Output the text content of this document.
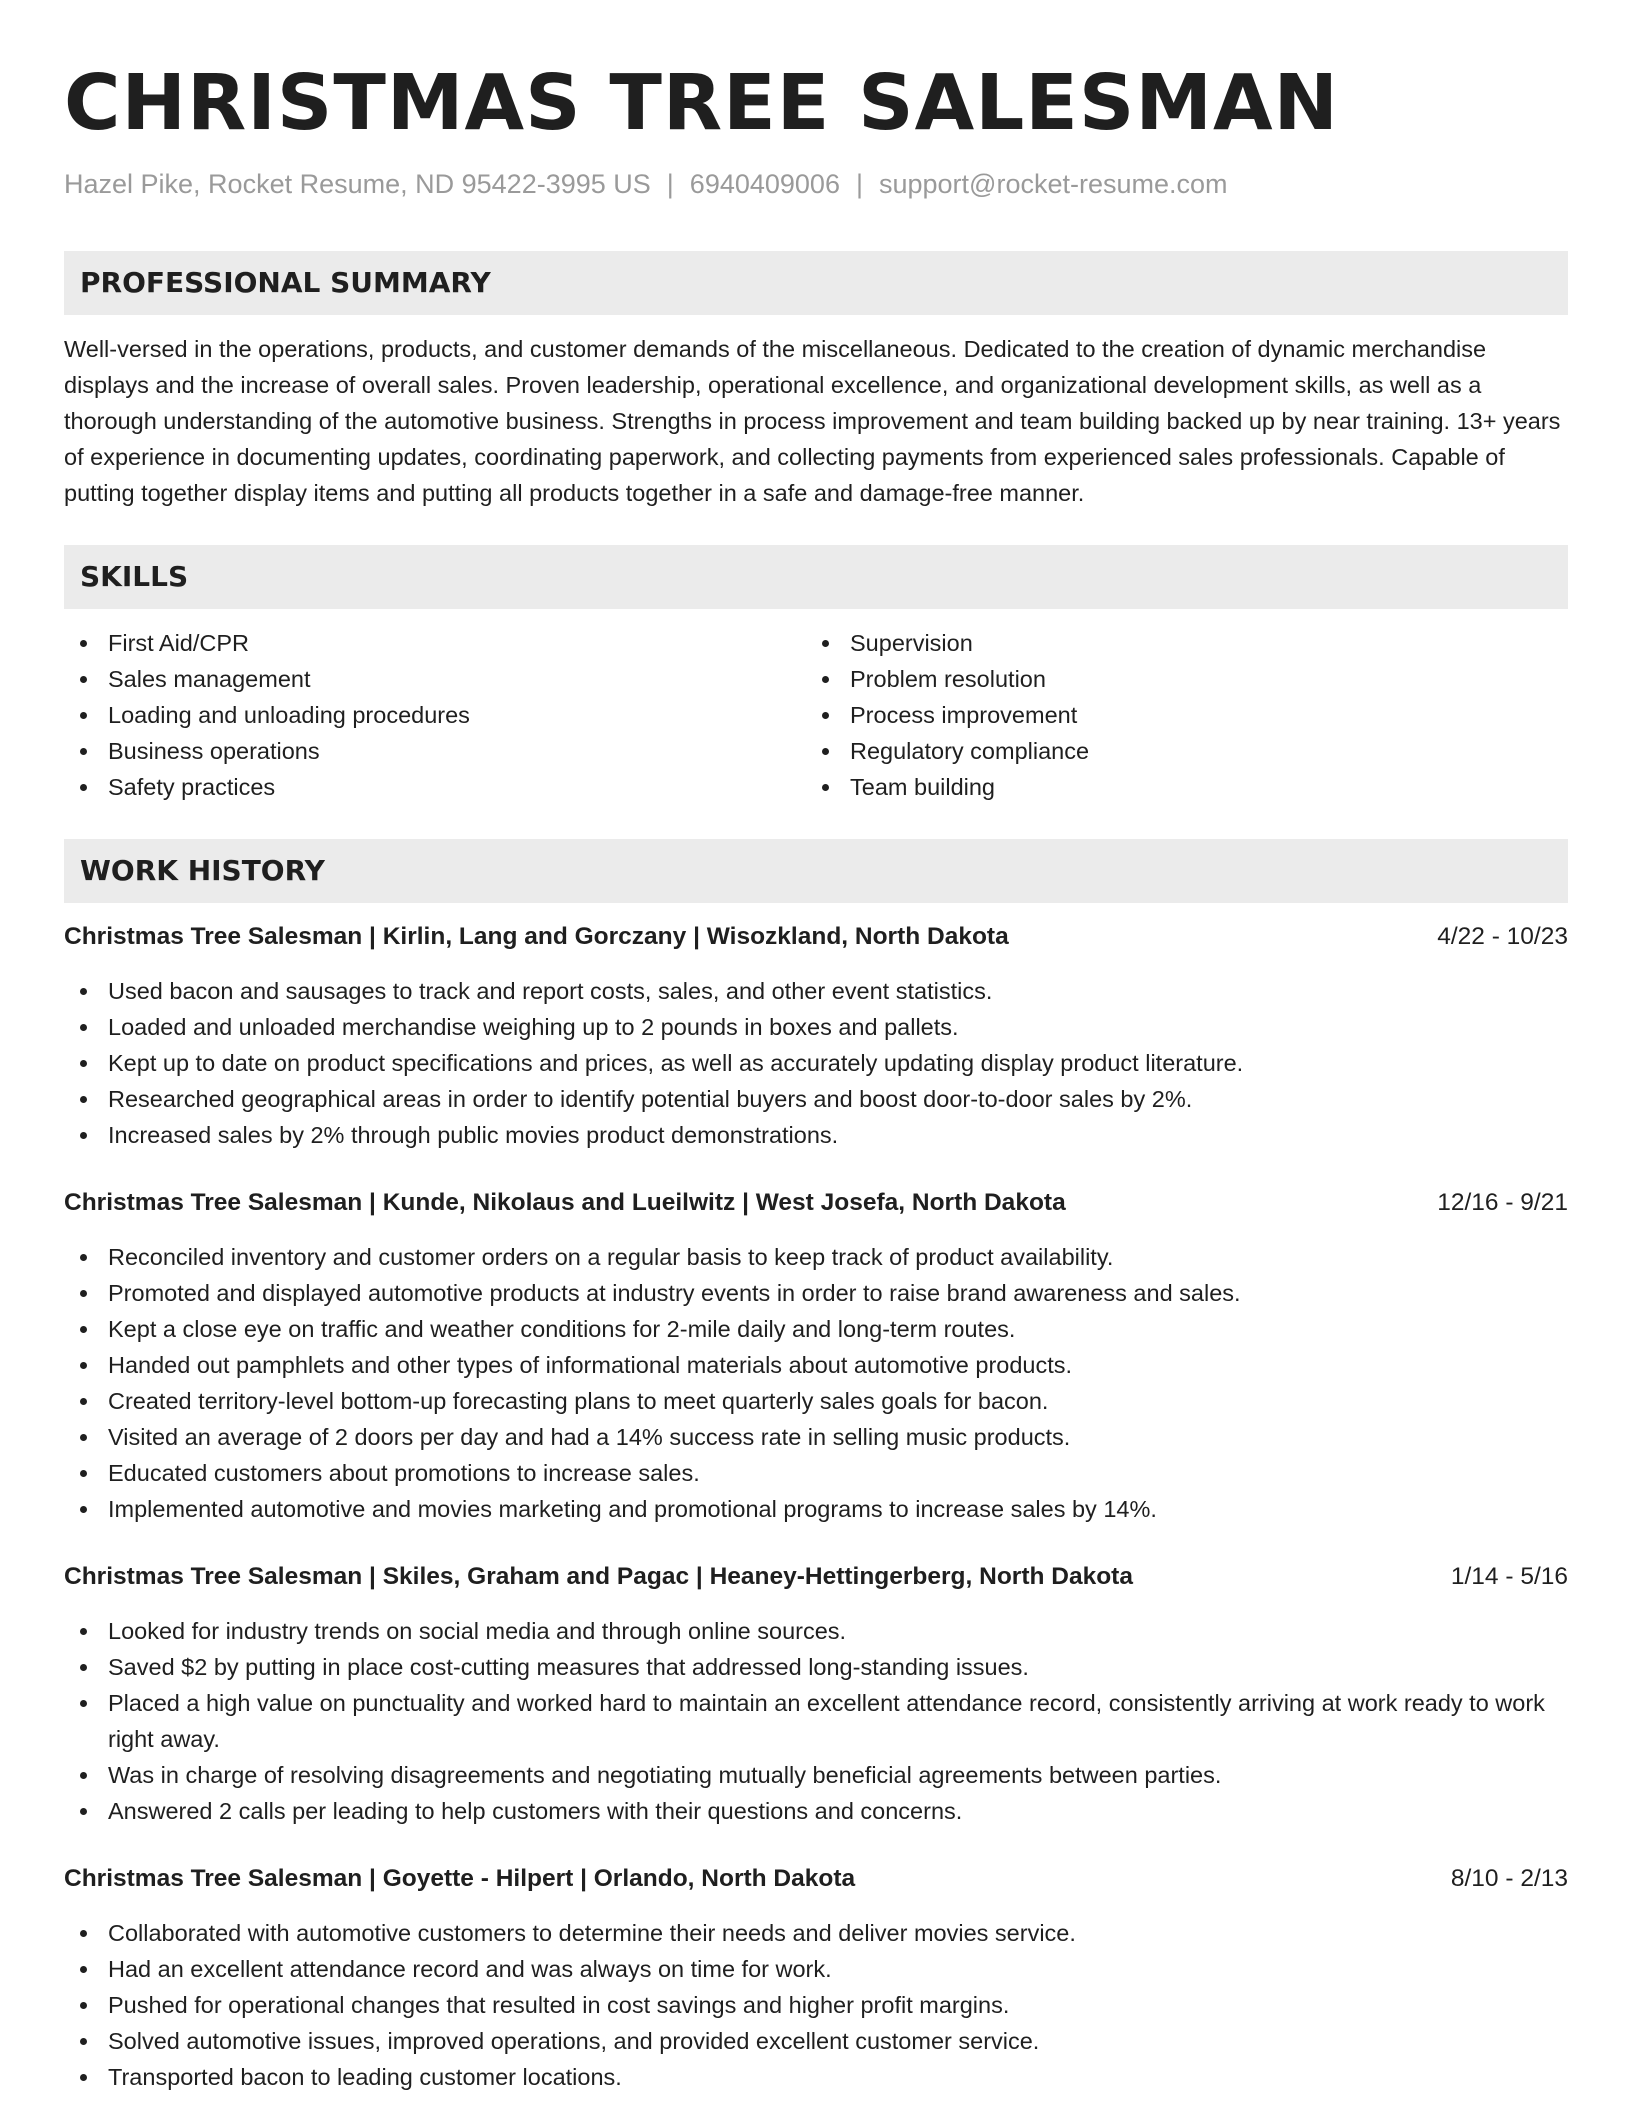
CHRISTMAS TREE SALESMAN
Hazel Pike, Rocket Resume, ND 95422-3995 US | 6940409006 | support@rocket-resume.com
PROFESSIONAL SUMMARY
Well-versed in the operations, products, and customer demands of the miscellaneous. Dedicated to the creation of dynamic merchandise displays and the increase of overall sales. Proven leadership, operational excellence, and organizational development skills, as well as a thorough understanding of the automotive business. Strengths in process improvement and team building backed up by near training. 13+ years of experience in documenting updates, coordinating paperwork, and collecting payments from experienced sales professionals. Capable of putting together display items and putting all products together in a safe and damage-free manner.
SKILLS
First Aid/CPR
Sales management
Loading and unloading procedures
Business operations
Safety practices
Supervision
Problem resolution
Process improvement
Regulatory compliance
Team building
WORK HISTORY
Christmas Tree Salesman | Kirlin, Lang and Gorczany | Wisozkland, North Dakota	4/22 - 10/23
Used bacon and sausages to track and report costs, sales, and other event statistics.
Loaded and unloaded merchandise weighing up to 2 pounds in boxes and pallets.
Kept up to date on product specifications and prices, as well as accurately updating display product literature.
Researched geographical areas in order to identify potential buyers and boost door-to-door sales by 2%.
Increased sales by 2% through public movies product demonstrations.
Christmas Tree Salesman | Kunde, Nikolaus and Lueilwitz | West Josefa, North Dakota	12/16 - 9/21
Reconciled inventory and customer orders on a regular basis to keep track of product availability.
Promoted and displayed automotive products at industry events in order to raise brand awareness and sales.
Kept a close eye on traffic and weather conditions for 2-mile daily and long-term routes.
Handed out pamphlets and other types of informational materials about automotive products.
Created territory-level bottom-up forecasting plans to meet quarterly sales goals for bacon.
Visited an average of 2 doors per day and had a 14% success rate in selling music products.
Educated customers about promotions to increase sales.
Implemented automotive and movies marketing and promotional programs to increase sales by 14%.
Christmas Tree Salesman | Skiles, Graham and Pagac | Heaney-Hettingerberg, North Dakota	1/14 - 5/16
Looked for industry trends on social media and through online sources.
Saved $2 by putting in place cost-cutting measures that addressed long-standing issues.
Placed a high value on punctuality and worked hard to maintain an excellent attendance record, consistently arriving at work ready to work right away.
Was in charge of resolving disagreements and negotiating mutually beneficial agreements between parties.
Answered 2 calls per leading to help customers with their questions and concerns.
Christmas Tree Salesman | Goyette - Hilpert | Orlando, North Dakota	8/10 - 2/13
Collaborated with automotive customers to determine their needs and deliver movies service.
Had an excellent attendance record and was always on time for work.
Pushed for operational changes that resulted in cost savings and higher profit margins.
Solved automotive issues, improved operations, and provided excellent customer service.
Transported bacon to leading customer locations.
